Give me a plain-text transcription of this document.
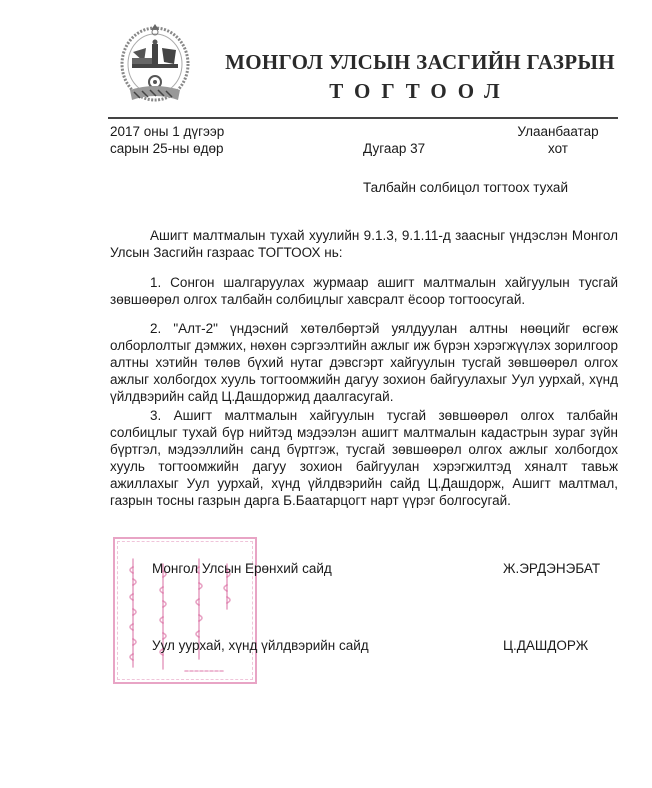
МОНГОЛ УЛСЫН ЗАСГИЙН ГАЗРЫН
ТОГТООЛ
2017 оны 1 дүгээр
сарын 25-ны өдөр	Дугаар 37
Улаанбаатар
хот
Талбайн солбицол тогтоох тухай

Ашигт малтмалын тухай хуулийн 9.1.3, 9.1.11-д заасныг үндэслэн Монгол Улсын Засгийн газраас ТОГТООХ нь:

1. Сонгон шалгаруулах журмаар ашигт малтмалын хайгуулын тусгай зөвшөөрөл олгох талбайн солбицлыг хавсралт ёсоор тогтоосугай.

2. "Алт-2" үндэсний хөтөлбөртэй уялдуулан алтны нөөцийг өсгөж олборлолтыг дэмжих, нөхөн сэргээлтийн ажлыг иж бүрэн хэрэгжүүлэх зорилгоор алтны хэтийн төлөв бүхий нутаг дэвсгэрт хайгуулын тусгай зөвшөөрөл олгох ажлыг холбогдох хууль тогтоомжийн дагуу зохион байгуулахыг Уул уурхай, хүнд үйлдвэрийн сайд Ц.Дашдоржид даалгасугай.

3. Ашигт малтмалын хайгуулын тусгай зөвшөөрөл олгох талбайн солбицлыг тухай бүр нийтэд мэдээлэн ашигт малтмалын кадастрын зураг зүйн бүртгэл, мэдээллийн санд бүртгэж, тусгай зөвшөөрөл олгох ажлыг холбогдох хууль тогтоомжийн дагуу зохион байгуулан хэрэгжилтэд хяналт тавьж ажиллахыг Уул уурхай, хүнд үйлдвэрийн сайд Ц.Дашдорж, Ашигт малтмал, газрын тосны газрын дарга Б.Баатарцогт нарт үүрэг болгосугай.

Монгол Улсын Ерөнхий сайд	Ж.ЭРДЭНЭБАТ
Уул уурхай, хүнд үйлдвэрийн сайд	Ц.ДАШДОРЖ
